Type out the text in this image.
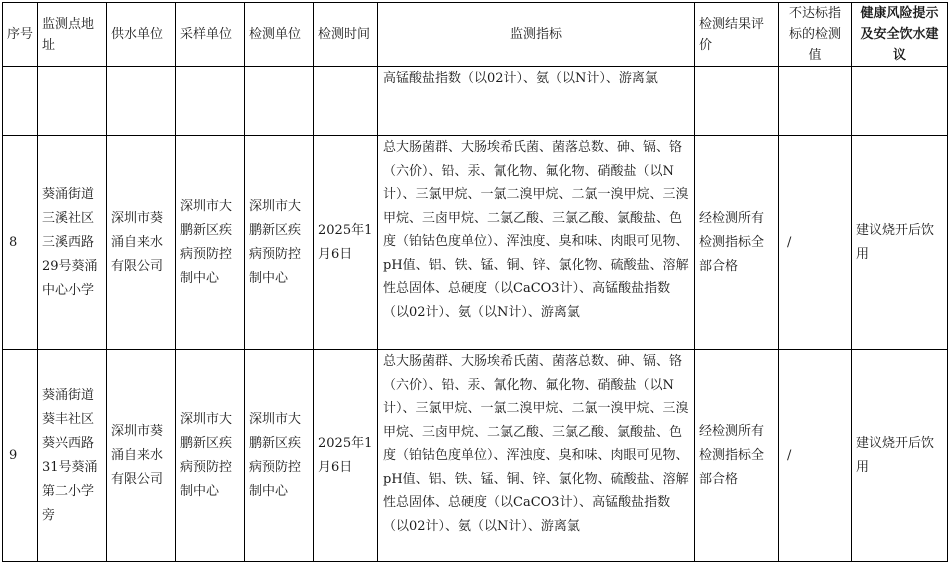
序号	监测点地址	供水单位	采样单位	检测单位	检测时间	监测指标	检测结果评价	不达标指标的检测值	健康风险提示及安全饮水建议
						高锰酸盐指数（以02计）、氨（以N计）、游离氯			
8	葵涌街道三溪社区三溪西路29号葵涌中心小学	深圳市葵涌自来水有限公司	深圳市大鹏新区疾病预防控制中心	深圳市大鹏新区疾病预防控制中心	2025年1月6日	总大肠菌群、大肠埃希氏菌、菌落总数、砷、镉、铬（六价）、铅、汞、氰化物、氟化物、硝酸盐（以N计）、三氯甲烷、一氯二溴甲烷、二氯一溴甲烷、三溴甲烷、三卤甲烷、二氯乙酸、三氯乙酸、氯酸盐、色度（铂钴色度单位）、浑浊度、臭和味、肉眼可见物、pH值、铝、铁、锰、铜、锌、氯化物、硫酸盐、溶解性总固体、总硬度（以CaCO3计）、高锰酸盐指数（以02计）、氨（以N计）、游离氯	经检测所有检测指标全部合格	/	建议烧开后饮用
9	葵涌街道葵丰社区葵兴西路31号葵涌第二小学旁	深圳市葵涌自来水有限公司	深圳市大鹏新区疾病预防控制中心	深圳市大鹏新区疾病预防控制中心	2025年1月6日	总大肠菌群、大肠埃希氏菌、菌落总数、砷、镉、铬（六价）、铅、汞、氰化物、氟化物、硝酸盐（以N计）、三氯甲烷、一氯二溴甲烷、二氯一溴甲烷、三溴甲烷、三卤甲烷、二氯乙酸、三氯乙酸、氯酸盐、色度（铂钴色度单位）、浑浊度、臭和味、肉眼可见物、pH值、铝、铁、锰、铜、锌、氯化物、硫酸盐、溶解性总固体、总硬度（以CaCO3计）、高锰酸盐指数（以02计）、氨（以N计）、游离氯	经检测所有检测指标全部合格	/	建议烧开后饮用
